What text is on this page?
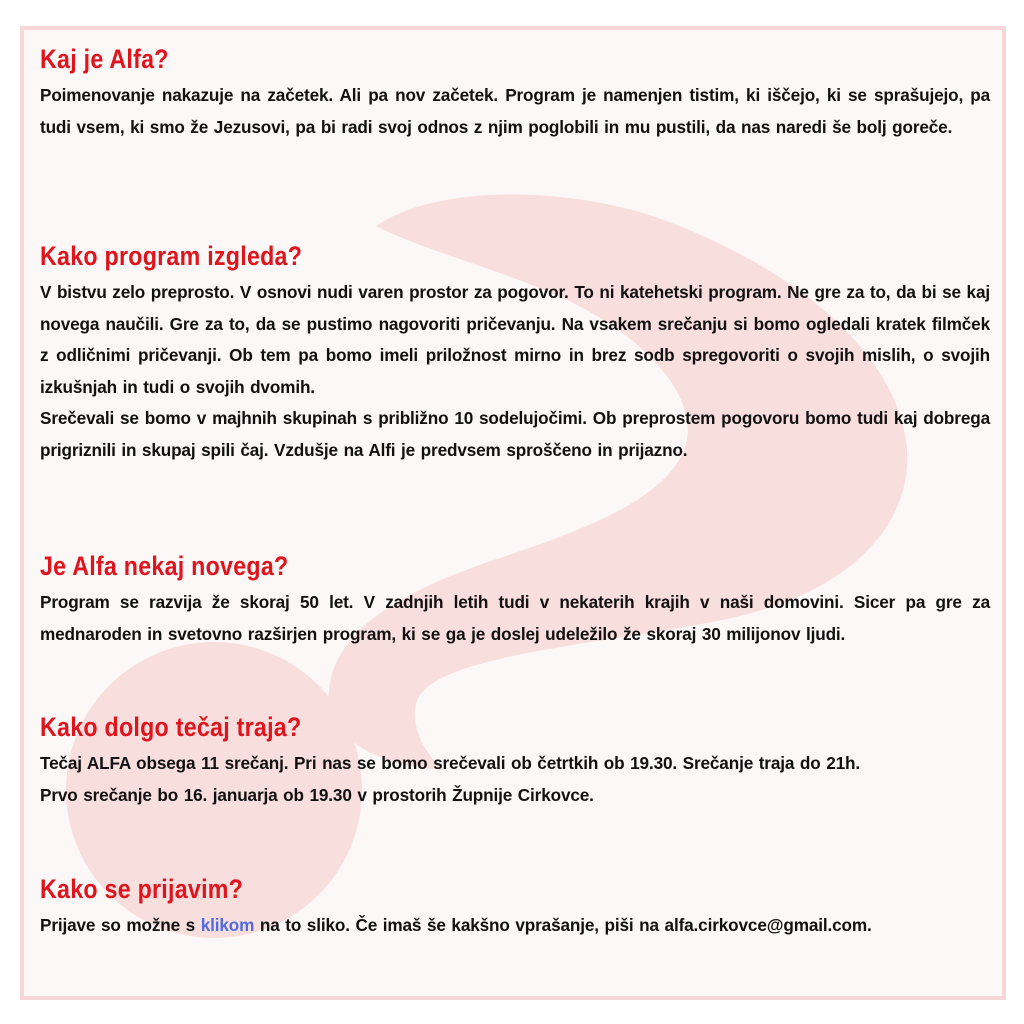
Kaj je Alfa?

Poimenovanje nakazuje na začetek. Ali pa nov začetek. Program je namenjen tistim, ki iščejo, ki se sprašujejo, pa tudi vsem, ki smo že Jezusovi, pa bi radi svoj odnos z njim poglobili in mu pustili, da nas naredi še bolj goreče.

Kako program izgleda?

V bistvu zelo preprosto. V osnovi nudi varen prostor za pogovor. To ni katehetski program. Ne gre za to, da bi se kaj novega naučili. Gre za to, da se pustimo nagovoriti pričevanju. Na vsakem srečanju si bomo ogledali kratek filmček z odličnimi pričevanji. Ob tem pa bomo imeli priložnost mirno in brez sodb spregovoriti o svojih mislih, o svojih izkušnjah in tudi o svojih dvomih.

Srečevali se bomo v majhnih skupinah s približno 10 sodelujočimi. Ob preprostem pogovoru bomo tudi kaj dobrega prigriznili in skupaj spili čaj. Vzdušje na Alfi je predvsem sproščeno in prijazno.

Je Alfa nekaj novega?

Program se razvija že skoraj 50 let. V zadnjih letih tudi v nekaterih krajih v naši domovini. Sicer pa gre za mednaroden in svetovno razširjen program, ki se ga je doslej udeležilo že skoraj 30 milijonov ljudi.

Kako dolgo tečaj traja?

Tečaj ALFA obsega 11 srečanj. Pri nas se bomo srečevali ob četrtkih ob 19.30. Srečanje traja do 21h.

Prvo srečanje bo 16. januarja ob 19.30 v prostorih Župnije Cirkovce.

Kako se prijavim?

Prijave so možne s klikom na to sliko. Če imaš še kakšno vprašanje, piši na alfa.cirkovce@gmail.com.
